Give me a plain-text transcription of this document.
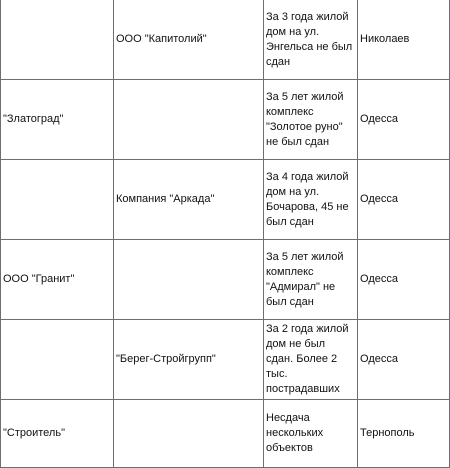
	ООО "Капитолий"	За 3 года жилой дом на ул. Энгельса не был сдан	Николаев
"Златоград"		За 5 лет жилой комплекс "Золотое руно" не был сдан	Одесса
	Компания "Аркада"	За 4 года жилой дом на ул. Бочарова, 45 не был сдан	Одесса
ООО "Гранит"		За 5 лет жилой комплекс "Адмирал" не был сдан	Одесса
	"Берег-Стройгрупп"	За 2 года жилой дом не был сдан. Более 2 тыс. пострадавших	Одесса
"Строитель"		Несдача нескольких объектов	Тернополь
